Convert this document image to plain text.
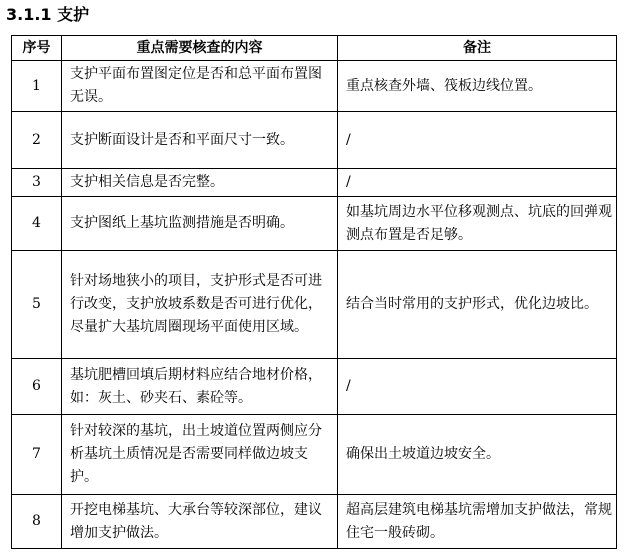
3.1.1 支护
序号	重点需要核查的内容	备注
1	支护平面布置图定位是否和总平面布置图无误。	重点核查外墙、筏板边线位置。
2	支护断面设计是否和平面尺寸一致。	/
3	支护相关信息是否完整。	/
4	支护图纸上基坑监测措施是否明确。	如基坑周边水平位移观测点、坑底的回弹观测点布置是否足够。
5	针对场地狭小的项目，支护形式是否可进行改变，支护放坡系数是否可进行优化，尽量扩大基坑周圈现场平面使用区域。	结合当时常用的支护形式，优化边坡比。
6	基坑肥槽回填后期材料应结合地材价格，如：灰土、砂夹石、素砼等。	/
7	针对较深的基坑，出土坡道位置两侧应分析基坑土质情况是否需要同样做边坡支护。	确保出土坡道边坡安全。
8	开挖电梯基坑、大承台等较深部位，建议增加支护做法。	超高层建筑电梯基坑需增加支护做法，常规住宅一般砖砌。
